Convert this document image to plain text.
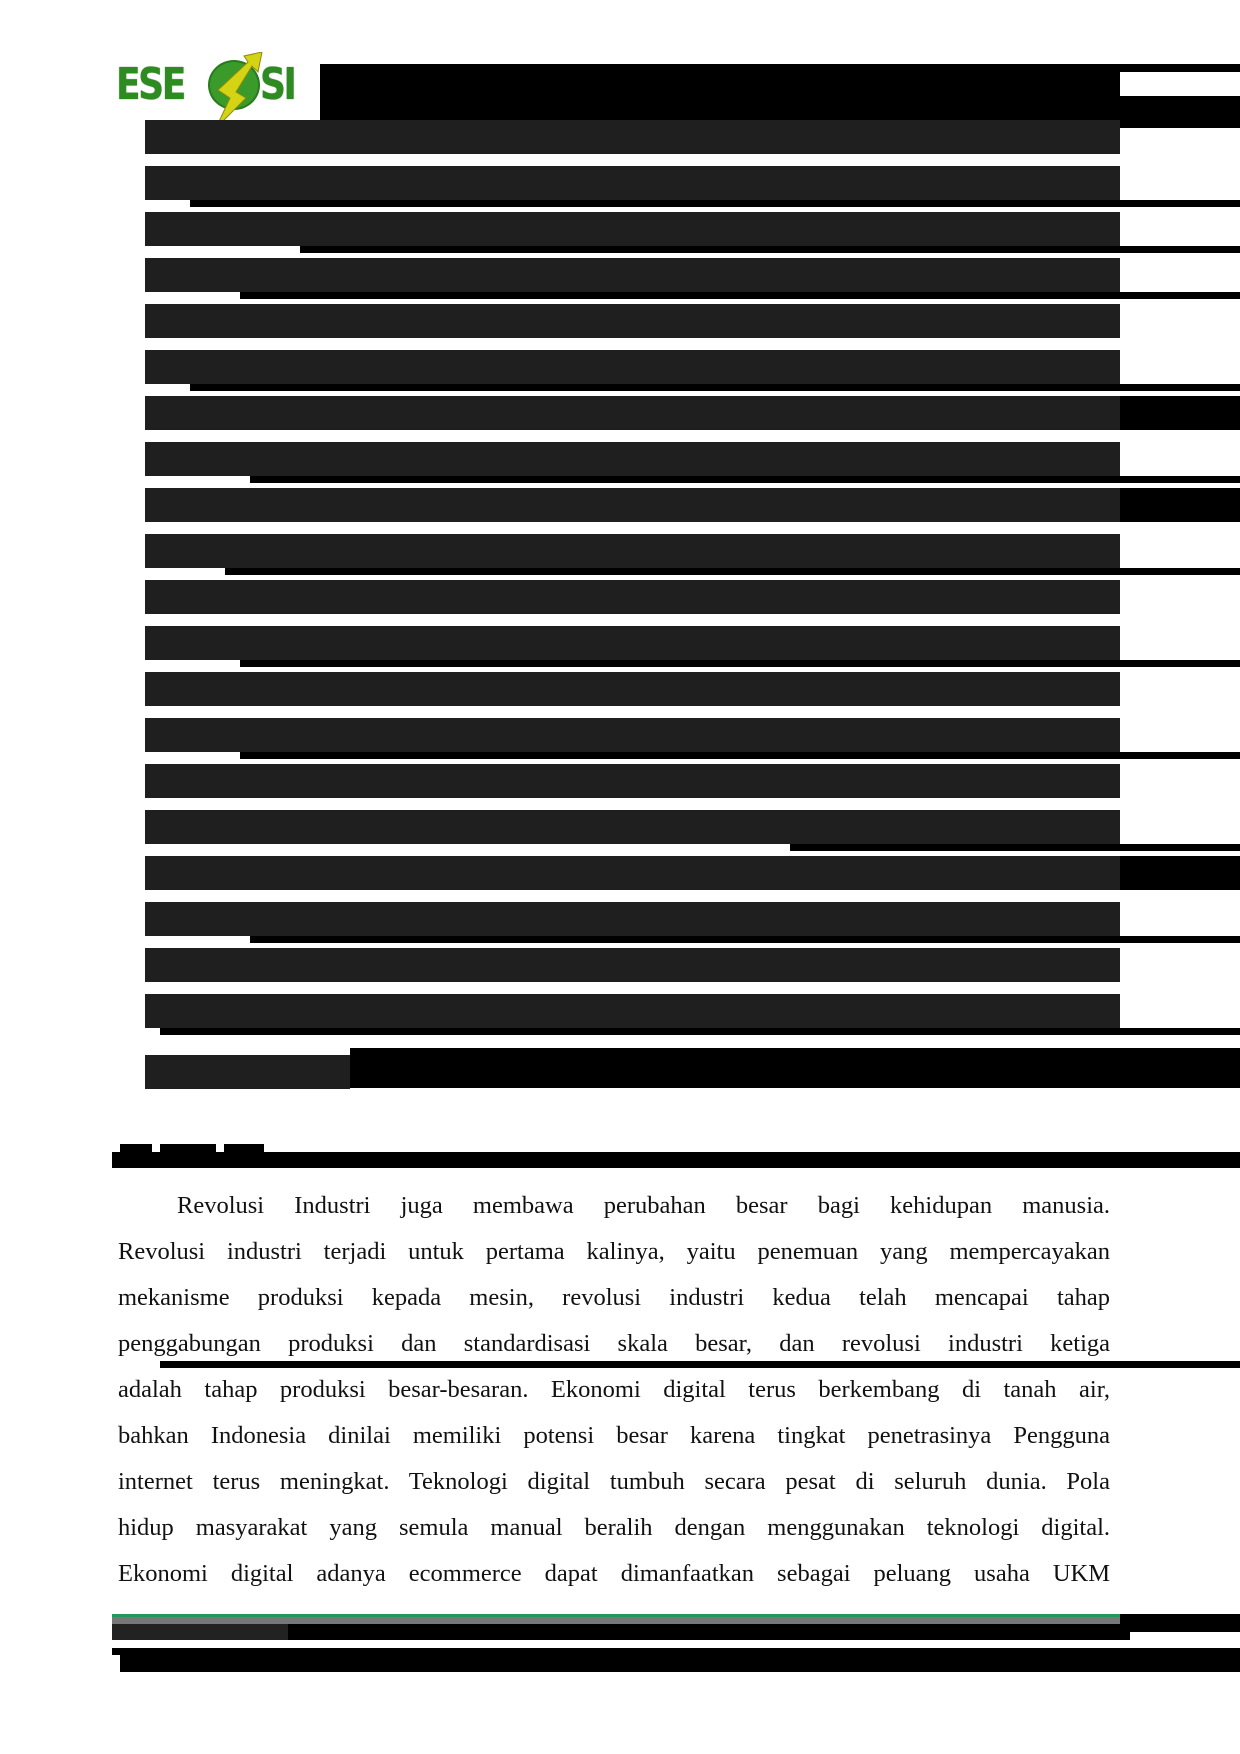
ESE SI
Revolusi Industri juga membawa perubahan besar bagi kehidupan manusia.
Revolusi industri terjadi untuk pertama kalinya, yaitu penemuan yang mempercayakan
mekanisme produksi kepada mesin, revolusi industri kedua telah mencapai tahap
penggabungan produksi dan standardisasi skala besar, dan revolusi industri ketiga
adalah tahap produksi besar-besaran. Ekonomi digital terus berkembang di tanah air,
bahkan Indonesia dinilai memiliki potensi besar karena tingkat penetrasinya Pengguna
internet terus meningkat. Teknologi digital tumbuh secara pesat di seluruh dunia. Pola
hidup masyarakat yang semula manual beralih dengan menggunakan teknologi digital.
Ekonomi digital adanya ecommerce dapat dimanfaatkan sebagai peluang usaha UKM
